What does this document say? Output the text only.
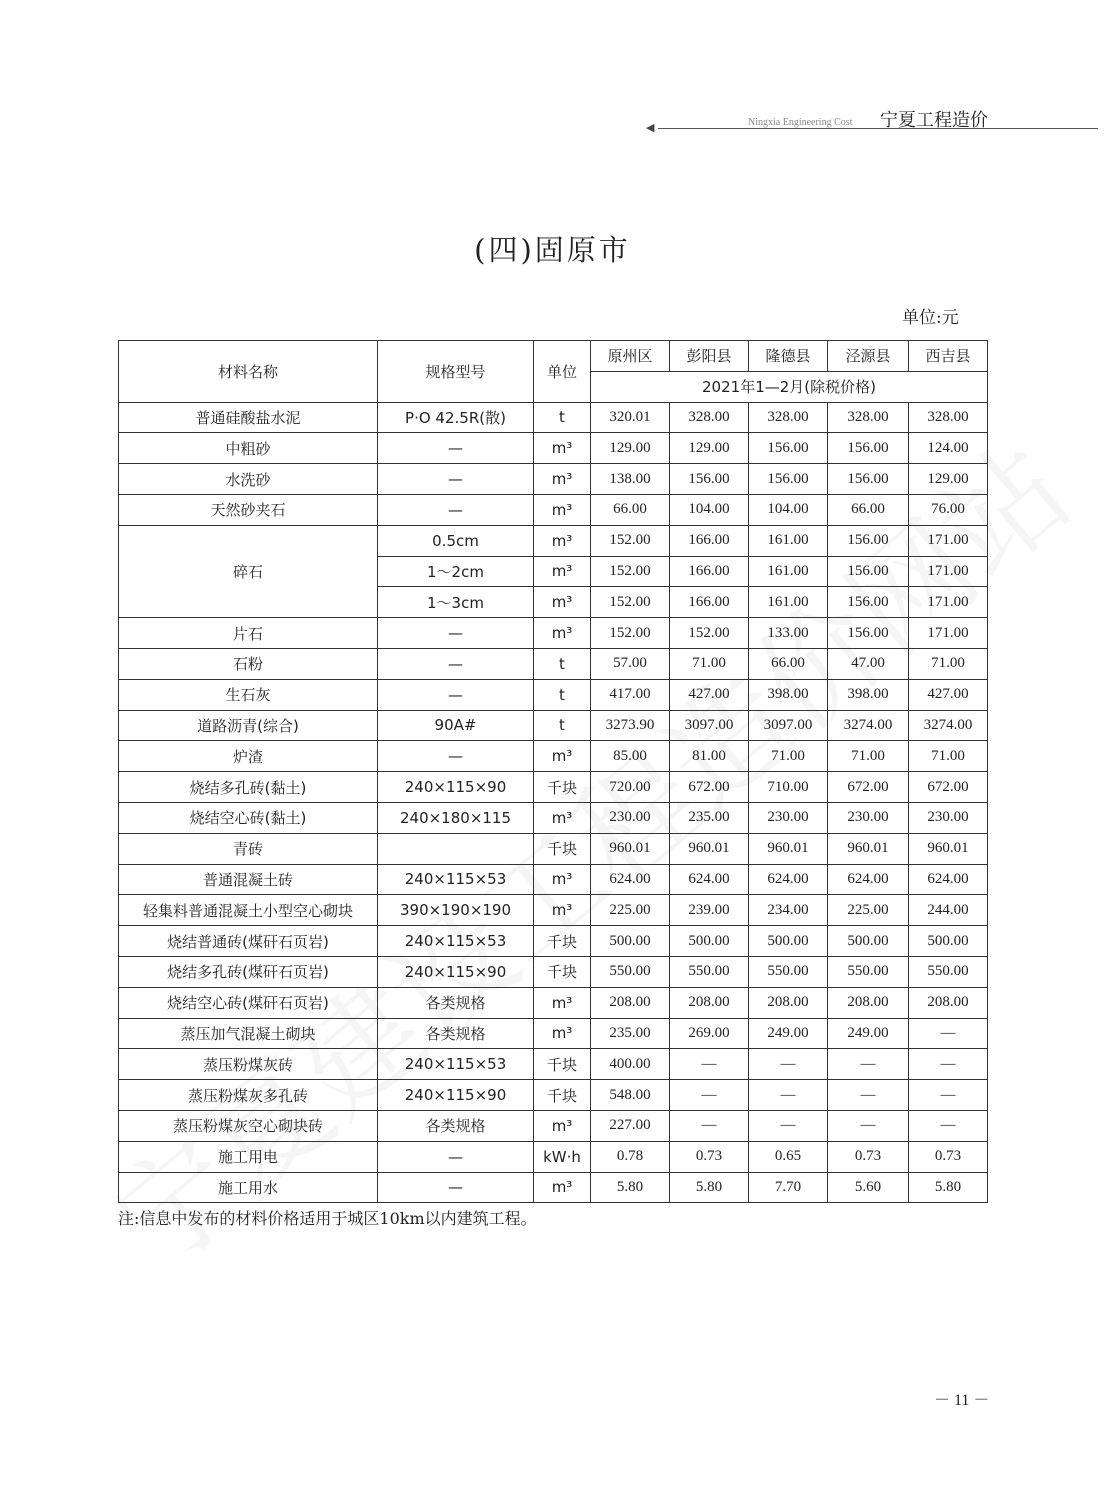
◀	Ningxia Engineering Cost 宁夏工程造价
(四)固原市
单位:元
材料名称	规格型号	单位	原州区	彭阳县	隆德县	泾源县	西吉县
			2021年1—2月(除税价格)				
普通硅酸盐水泥	P·O 42.5R(散)	t	320.01	328.00	328.00	328.00	328.00
中粗砂	—	m³	129.00	129.00	156.00	156.00	124.00
水洗砂	—	m³	138.00	156.00	156.00	156.00	129.00
天然砂夹石	—	m³	66.00	104.00	104.00	66.00	76.00
碎石	0.5cm	m³	152.00	166.00	161.00	156.00	171.00
	1～2cm	m³	152.00	166.00	161.00	156.00	171.00
	1～3cm	m³	152.00	166.00	161.00	156.00	171.00
片石	—	m³	152.00	152.00	133.00	156.00	171.00
石粉	—	t	57.00	71.00	66.00	47.00	71.00
生石灰	—	t	417.00	427.00	398.00	398.00	427.00
道路沥青(综合)	90A#	t	3273.90	3097.00	3097.00	3274.00	3274.00
炉渣	—	m³	85.00	81.00	71.00	71.00	71.00
烧结多孔砖(黏土)	240×115×90	千块	720.00	672.00	710.00	672.00	672.00
烧结空心砖(黏土)	240×180×115	m³	230.00	235.00	230.00	230.00	230.00
青砖		千块	960.01	960.01	960.01	960.01	960.01
普通混凝土砖	240×115×53	m³	624.00	624.00	624.00	624.00	624.00
轻集料普通混凝土小型空心砌块	390×190×190	m³	225.00	239.00	234.00	225.00	244.00
烧结普通砖(煤矸石页岩)	240×115×53	千块	500.00	500.00	500.00	500.00	500.00
烧结多孔砖(煤矸石页岩)	240×115×90	千块	550.00	550.00	550.00	550.00	550.00
烧结空心砖(煤矸石页岩)	各类规格	m³	208.00	208.00	208.00	208.00	208.00
蒸压加气混凝土砌块	各类规格	m³	235.00	269.00	249.00	249.00	—
蒸压粉煤灰砖	240×115×53	千块	400.00	—	—	—	—
蒸压粉煤灰多孔砖	240×115×90	千块	548.00	—	—	—	—
蒸压粉煤灰空心砌块砖	各类规格	m³	227.00	—	—	—	—
施工用电	—	kW·h	0.78	0.73	0.65	0.73	0.73
施工用水	—	m³	5.80	5.80	7.70	5.60	5.80
注:信息中发布的材料价格适用于城区10km以内建筑工程。
－ 11 －
